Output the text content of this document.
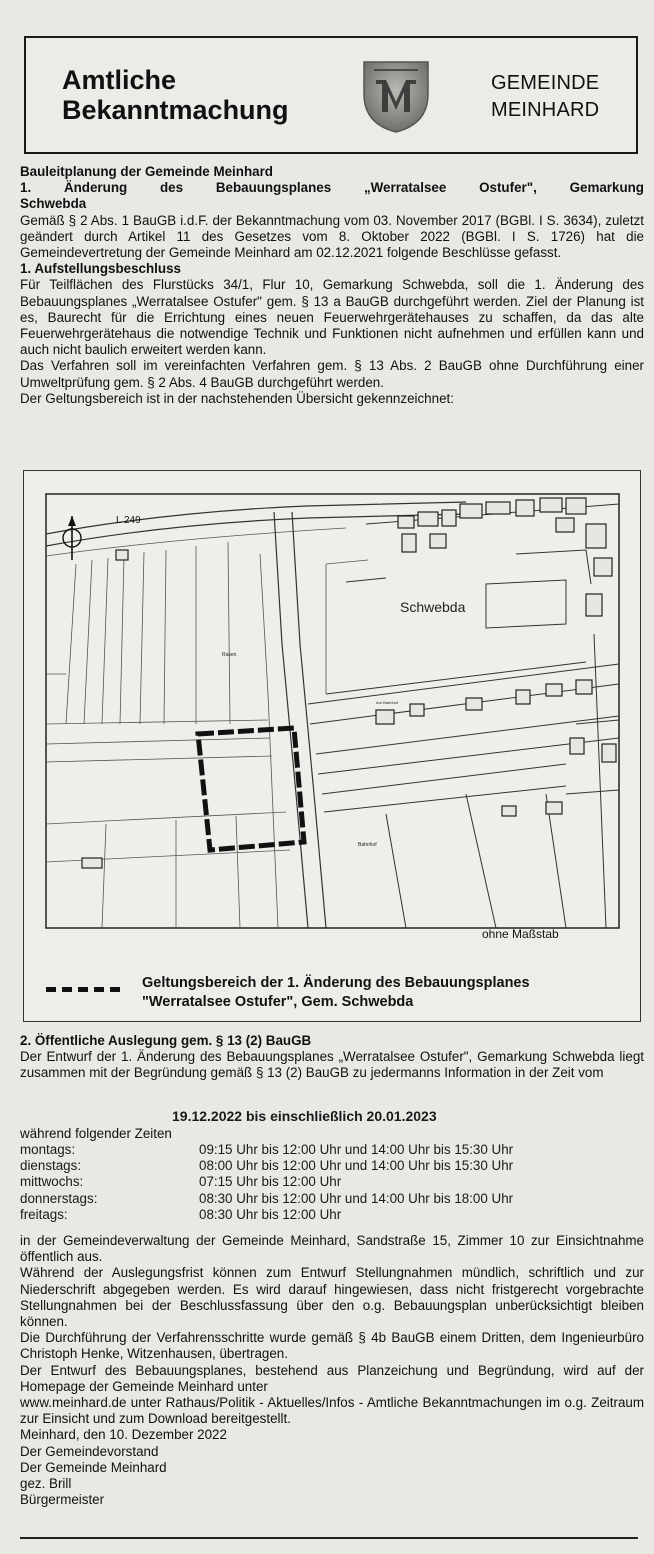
Amtliche
Bekanntmachung
GEMEINDE
MEINHARD

Bauleitplanung der Gemeinde Meinhard

1. Änderung des Bebauungsplanes „Werratalsee Ostufer", Gemarkung

Schwebda

Gemäß § 2 Abs. 1 BauGB i.d.F. der Bekanntmachung vom 03. November 2017 (BGBl. I S. 3634), zuletzt geändert durch Artikel 11 des Gesetzes vom 8. Oktober 2022 (BGBl. I S. 1726) hat die Gemeindevertretung der Gemeinde Meinhard am 02.12.2021 folgende Beschlüsse gefasst.

1. Aufstellungsbeschluss

Für Teilflächen des Flurstücks 34/1, Flur 10, Gemarkung Schwebda, soll die 1. Änderung des Bebauungsplanes „Werratalsee Ostufer" gem. § 13 a BauGB durchgeführt werden. Ziel der Planung ist es, Baurecht für die Errichtung eines neuen Feuerwehrgerätehauses zu schaffen, da das alte Feuerwehrgerätehaus die notwendige Technik und Funktionen nicht aufnehmen und erfüllen kann und auch nicht baulich erweitert werden kann.

Das Verfahren soll im vereinfachten Verfahren gem. § 13 Abs. 2 BauGB ohne Durchführung einer Umweltprüfung gem. § 2 Abs. 4 BauGB durchgeführt werden.

Der Geltungsbereich ist in der nachstehenden Übersicht gekennzeichnet:

L 249
Schwebda
Rasen
Bahnhof
Am Bahnhof
ohne Maßstab
Geltungsbereich der 1. Änderung des Bebauungsplanes
"Werratalsee Ostufer", Gem. Schwebda

2. Öffentliche Auslegung gem. § 13 (2) BauGB

Der Entwurf der 1. Änderung des Bebauungsplanes „Werratalsee Ostufer", Gemarkung Schwebda liegt zusammen mit der Begründung gemäß § 13 (2) BauGB zu jedermanns Information in der Zeit vom

19.12.2022 bis einschließlich 20.01.2023

während folgender Zeiten

montags:	09:15 Uhr bis 12:00 Uhr und 14:00 Uhr bis 15:30 Uhr
dienstags:	08:00 Uhr bis 12:00 Uhr und 14:00 Uhr bis 15:30 Uhr
mittwochs:	07:15 Uhr bis 12:00 Uhr
donnerstags:	08:30 Uhr bis 12:00 Uhr und 14:00 Uhr bis 18:00 Uhr
freitags:	08:30 Uhr bis 12:00 Uhr

in der Gemeindeverwaltung der Gemeinde Meinhard, Sandstraße 15, Zimmer 10 zur Einsichtnahme öffentlich aus.

Während der Auslegungsfrist können zum Entwurf Stellungnahmen mündlich, schriftlich und zur Niederschrift abgegeben werden. Es wird darauf hingewiesen, dass nicht fristgerecht vorgebrachte Stellungnahmen bei der Beschlussfassung über den o.g. Bebauungsplan unberücksichtigt bleiben können.

Die Durchführung der Verfahrensschritte wurde gemäß § 4b BauGB einem Dritten, dem Ingenieurbüro Christoph Henke, Witzenhausen, übertragen.

Der Entwurf des Bebauungsplanes, bestehend aus Planzeichung und Begründung, wird auf der Homepage der Gemeinde Meinhard unter

www.meinhard.de unter Rathaus/Politik - Aktuelles/Infos - Amtliche Bekanntmachungen im o.g. Zeitraum zur Einsicht und zum Download bereitgestellt.

Meinhard, den 10. Dezember 2022

Der Gemeindevorstand

Der Gemeinde Meinhard

gez. Brill

Bürgermeister
